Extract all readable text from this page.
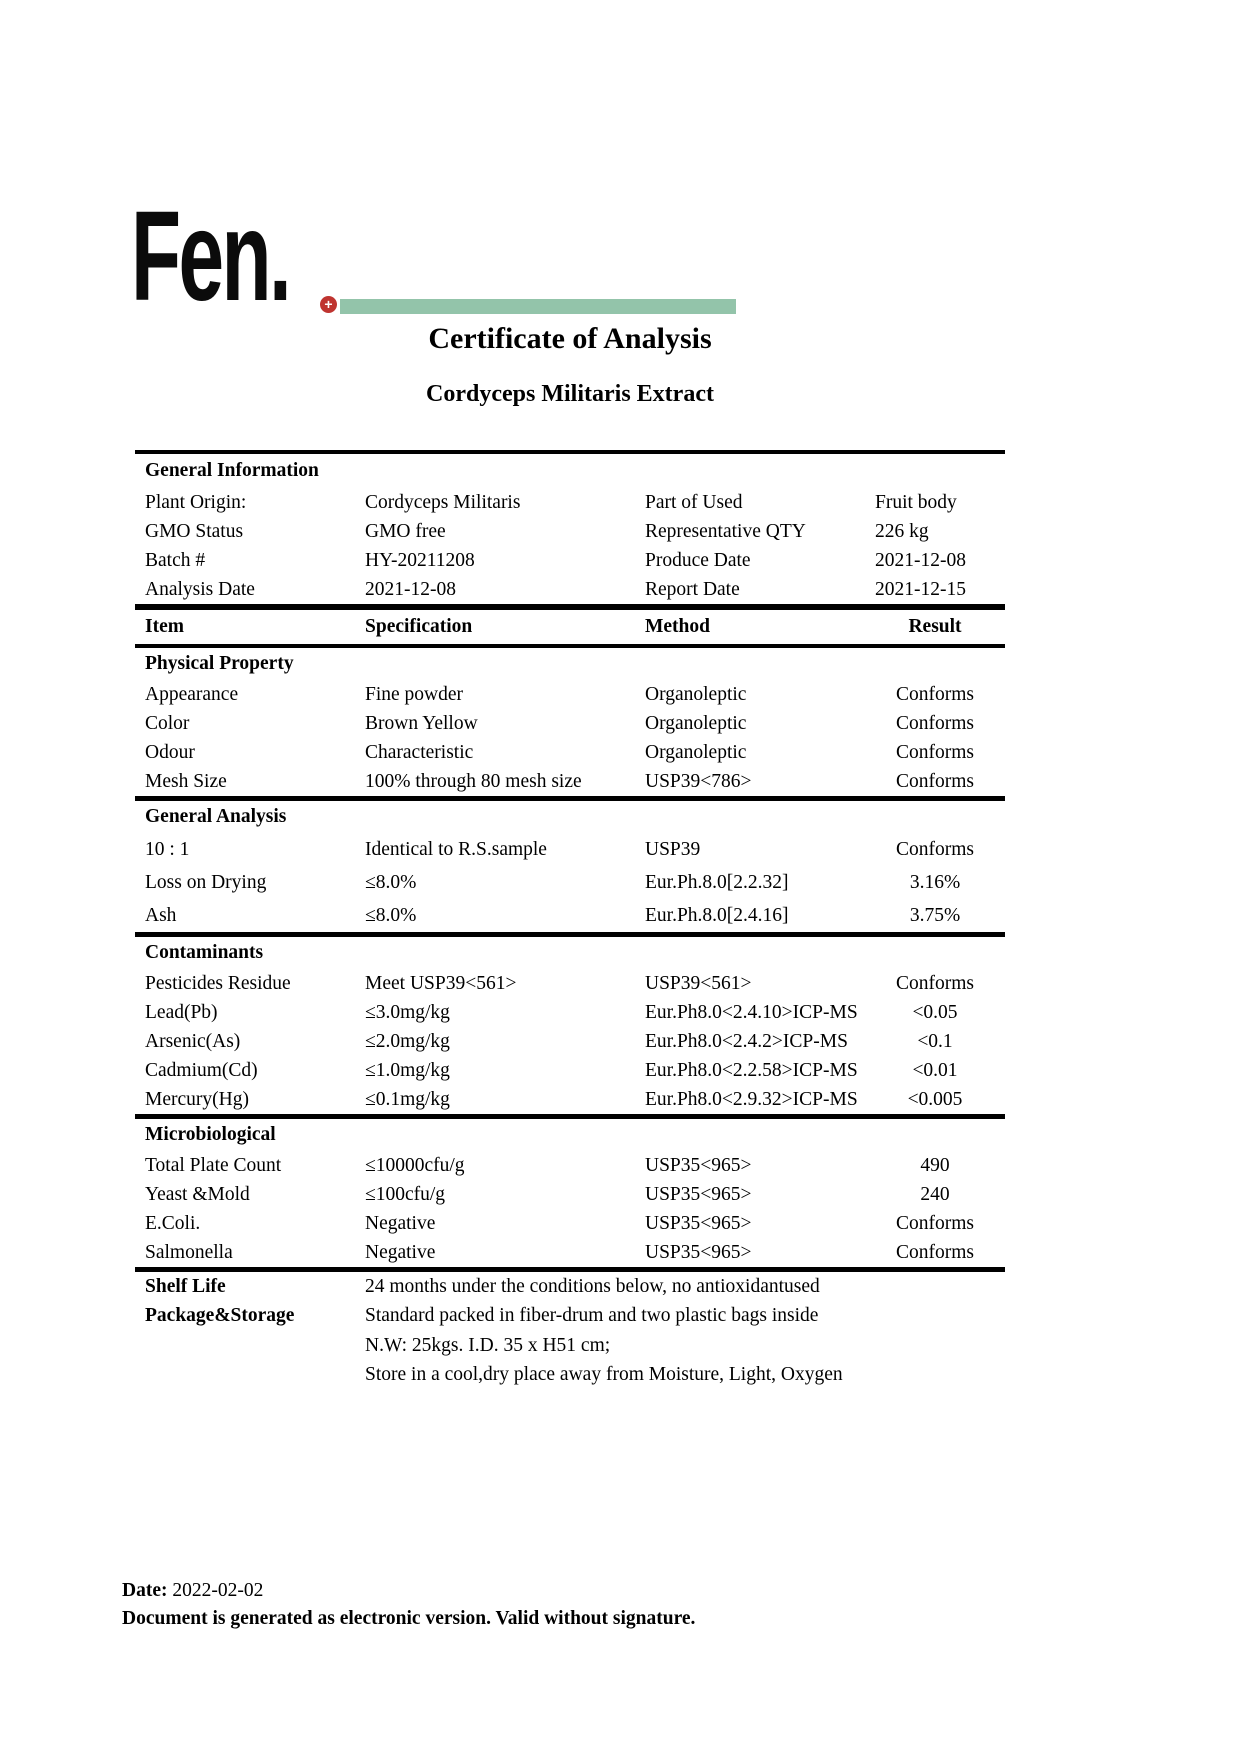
Fen.	+
Certificate of Analysis
Cordyceps Militaris Extract
General Information
Plant Origin:	Cordyceps Militaris	Part of Used	Fruit body
GMO Status	GMO free	Representative QTY	226 kg
Batch #	HY-20211208	Produce Date	2021-12-08
Analysis Date	2021-12-08	Report Date	2021-12-15
Item	Specification	Method	Result
Physical Property
Appearance	Fine powder	Organoleptic	Conforms
Color	Brown Yellow	Organoleptic	Conforms
Odour	Characteristic	Organoleptic	Conforms
Mesh Size	100% through 80 mesh size	USP39<786>	Conforms
General Analysis
10 : 1	Identical to R.S.sample	USP39	Conforms
Loss on Drying	≤8.0%	Eur.Ph.8.0[2.2.32]	3.16%
Ash	≤8.0%	Eur.Ph.8.0[2.4.16]	3.75%
Contaminants
Pesticides Residue	Meet USP39<561>	USP39<561>	Conforms
Lead(Pb)	≤3.0mg/kg	Eur.Ph8.0<2.4.10>ICP-MS	<0.05
Arsenic(As)	≤2.0mg/kg	Eur.Ph8.0<2.4.2>ICP-MS	<0.1
Cadmium(Cd)	≤1.0mg/kg	Eur.Ph8.0<2.2.58>ICP-MS	<0.01
Mercury(Hg)	≤0.1mg/kg	Eur.Ph8.0<2.9.32>ICP-MS	<0.005
Microbiological
Total Plate Count	≤10000cfu/g	USP35<965>	490
Yeast &Mold	≤100cfu/g	USP35<965>	240
E.Coli.	Negative	USP35<965>	Conforms
Salmonella	Negative	USP35<965>	Conforms
Shelf Life	24 months under the conditions below, no antioxidantused
Package&Storage	Standard packed in fiber-drum and two plastic bags inside
N.W: 25kgs. I.D. 35 x H51 cm;
Store in a cool,dry place away from Moisture, Light, Oxygen
Date: 2022-02-02
Document is generated as electronic version. Valid without signature.
